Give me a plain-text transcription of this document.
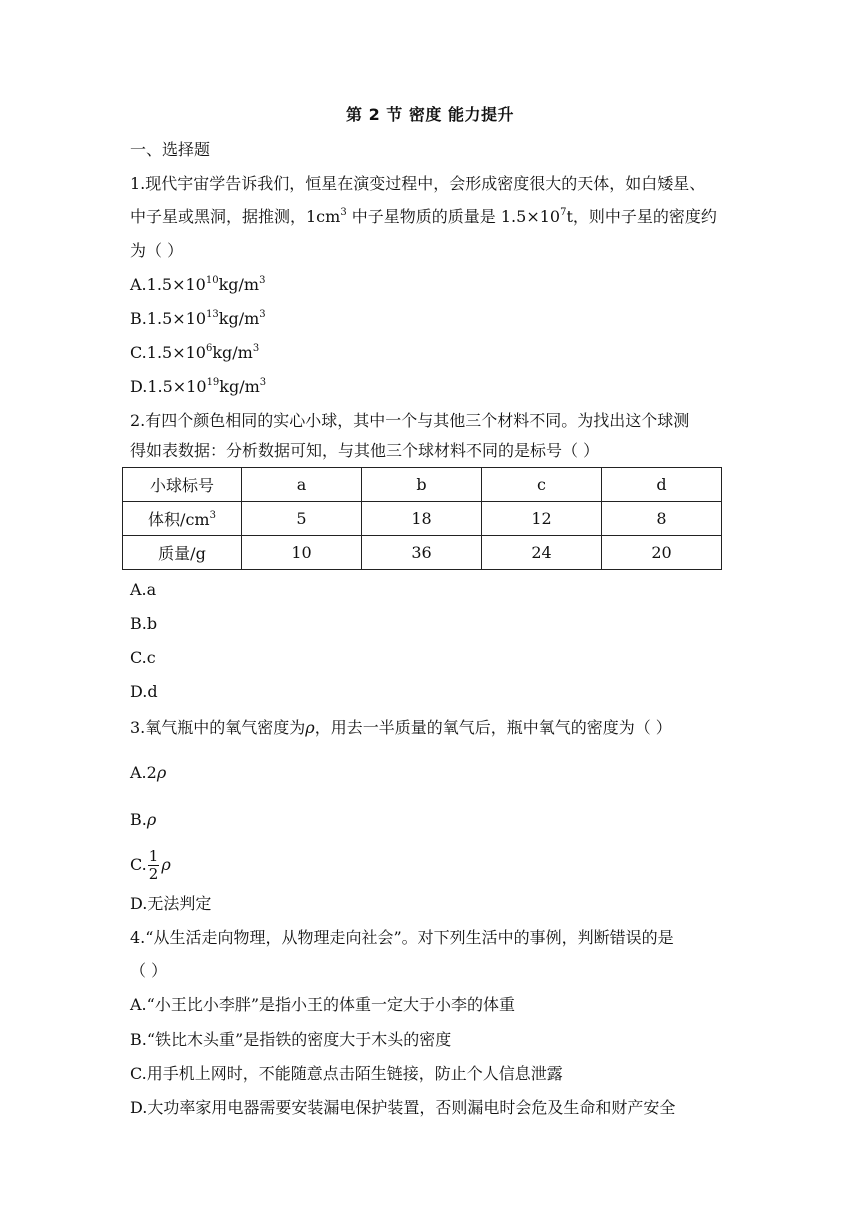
第 2 节 密度 能力提升
一、选择题
1.现代宇宙学告诉我们，恒星在演变过程中，会形成密度很大的天体，如白矮星、
中子星或黑洞，据推测，$1cm^3$ 中子星物质的质量是 $1.5\times 10^7t$，则中子星的密度约
为（ ）
$A.1.5\times 10^{10}kg/m^3$
$B.1.5\times 10^{13}kg/m^3$
$C.1.5\times 10^6kg/m^3$
$D.1.5\times 10^{19}kg/m^3$
2.有四个颜色相同的实心小球，其中一个与其他三个材料不同。为找出这个球测
得如表数据：分析数据可知，与其他三个球材料不同的是标号（ ）
小球标号	a	b	c	d
体积$/cm^3$	5	18	12	8
质量/g	10	36	24	20
A.a
B.b
C.c
D.d
3.氧气瓶中的氧气密度为ρ，用去一半质量的氧气后，瓶中氧气的密度为（ ）
A.2ρ
B.ρ
C. $\frac{1}{2}$ ρ
D.无法判定
4.“从生活走向物理，从物理走向社会”。对下列生活中的事例，判断错误的是
（ ）
A.“小王比小李胖”是指小王的体重一定大于小李的体重
B.“铁比木头重”是指铁的密度大于木头的密度
C.用手机上网时，不能随意点击陌生链接，防止个人信息泄露
D.大功率家用电器需要安装漏电保护装置，否则漏电时会危及生命和财产安全
